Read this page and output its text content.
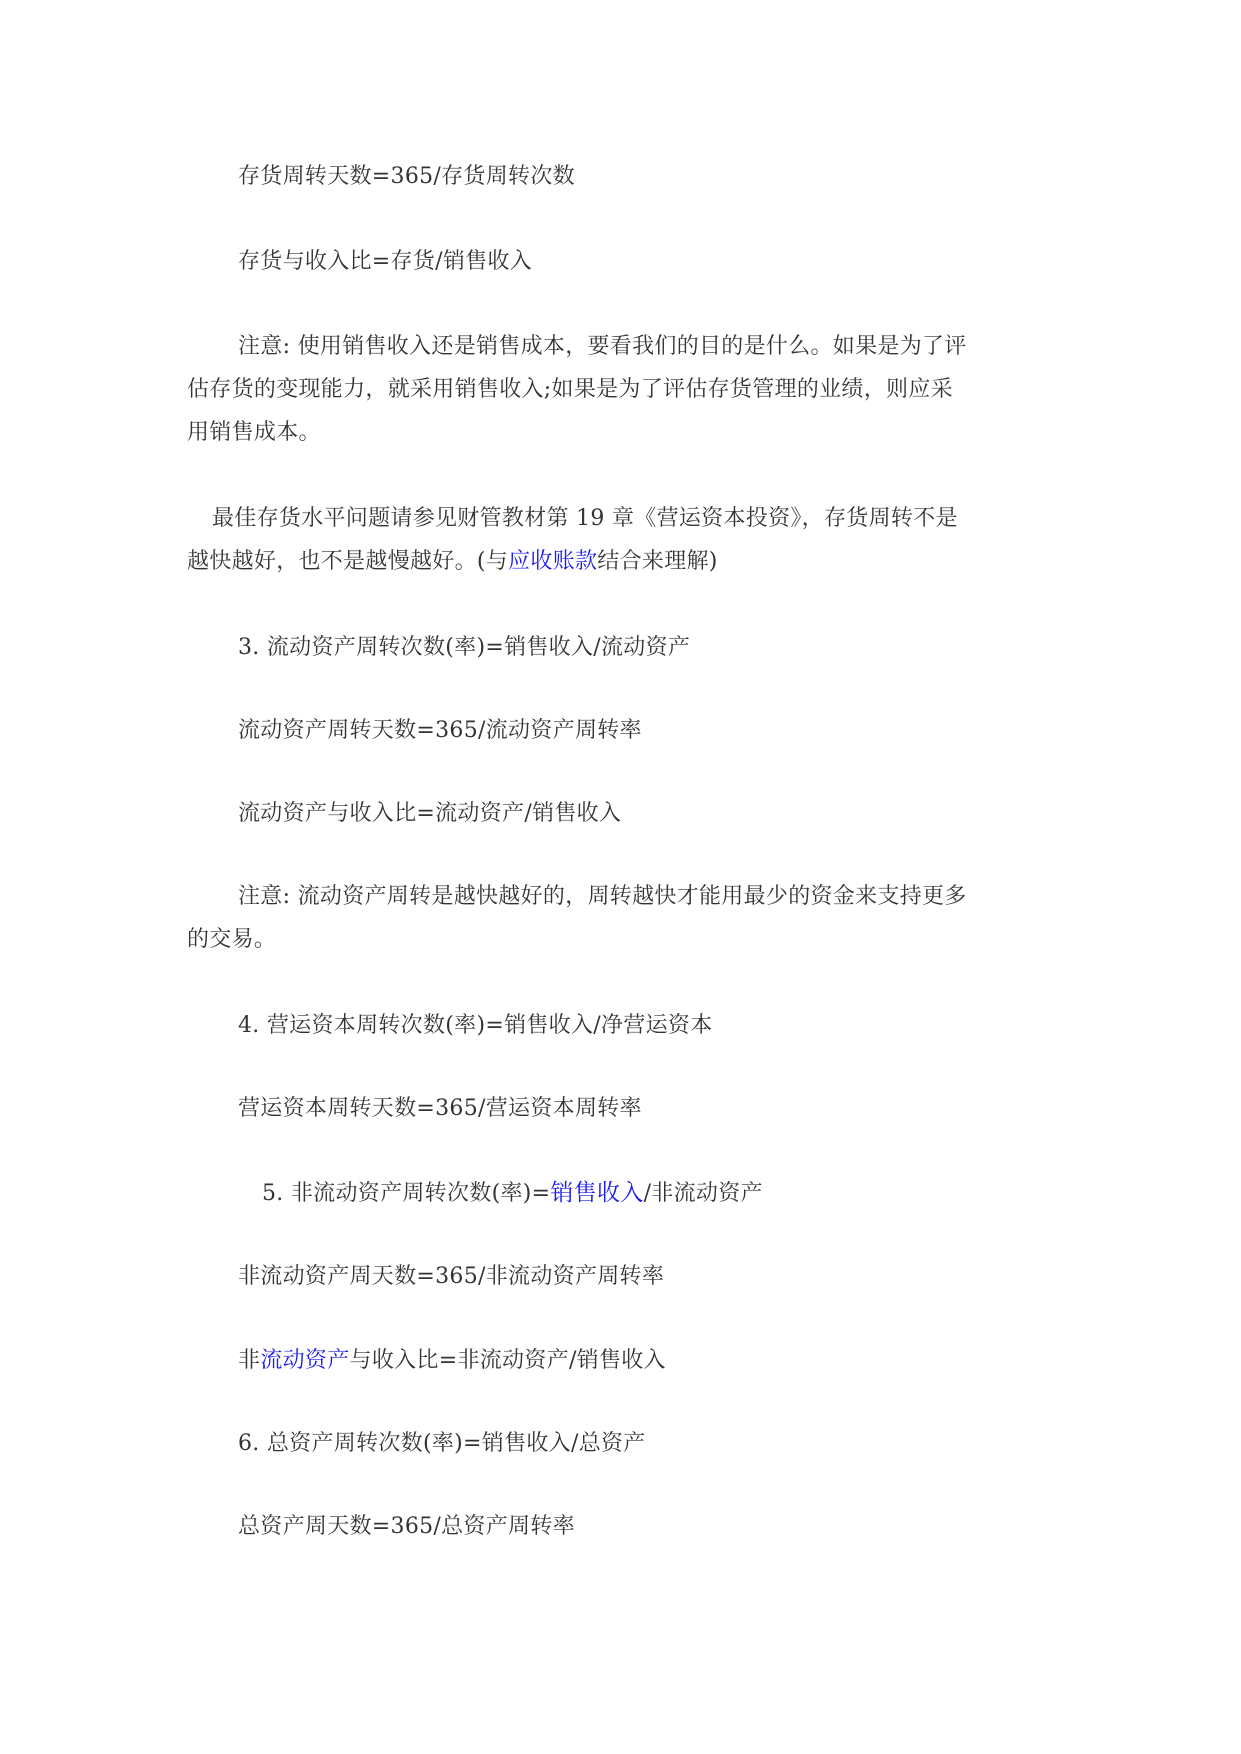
存货周转天数=365/存货周转次数

存货与收入比=存货/销售收入

注意: 使用销售收入还是销售成本，要看我们的目的是什么。如果是为了评

估存货的变现能力，就采用销售收入;如果是为了评估存货管理的业绩，则应采

用销售成本。

最佳存货水平问题请参见财管教材第 19 章《营运资本投资》，存货周转不是

越快越好，也不是越慢越好。(与应收账款结合来理解)

3. 流动资产周转次数(率)=销售收入/流动资产

流动资产周转天数=365/流动资产周转率

流动资产与收入比=流动资产/销售收入

注意: 流动资产周转是越快越好的，周转越快才能用最少的资金来支持更多

的交易。

4. 营运资本周转次数(率)=销售收入/净营运资本

营运资本周转天数=365/营运资本周转率

5. 非流动资产周转次数(率)=销售收入/非流动资产

非流动资产周天数=365/非流动资产周转率

非流动资产与收入比=非流动资产/销售收入

6. 总资产周转次数(率)=销售收入/总资产

总资产周天数=365/总资产周转率
